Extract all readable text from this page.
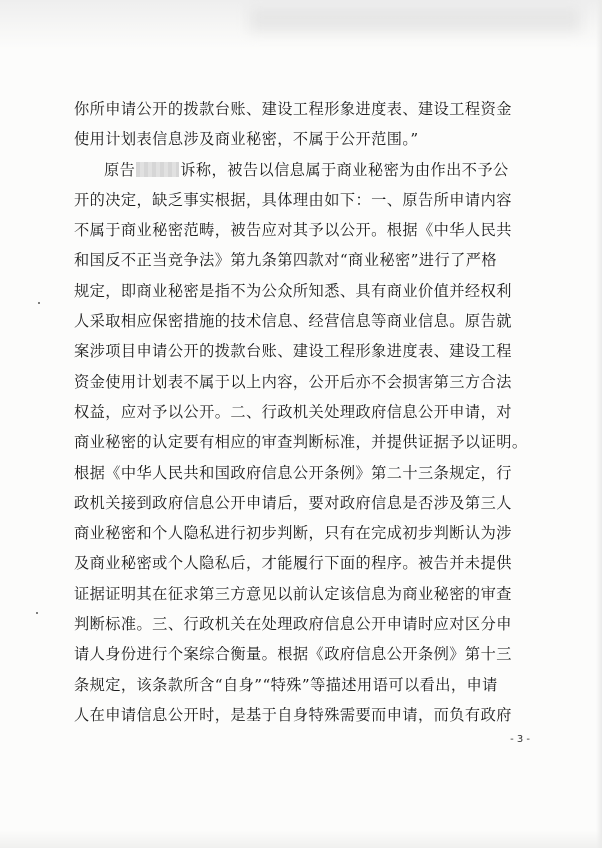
你所申请公开的拨款台账、建设工程形象进度表、建设工程资金
使用计划表信息涉及商业秘密，不属于公开范围。”
原告	诉称，被告以信息属于商业秘密为由作出不予公
开的决定，缺乏事实根据，具体理由如下：一、原告所申请内容
不属于商业秘密范畴，被告应对其予以公开。根据《中华人民共
和国反不正当竞争法》第九条第四款对“商业秘密”进行了严格
规定，即商业秘密是指不为公众所知悉、具有商业价值并经权利
人采取相应保密措施的技术信息、经营信息等商业信息。原告就
案涉项目申请公开的拨款台账、建设工程形象进度表、建设工程
资金使用计划表不属于以上内容，公开后亦不会损害第三方合法
权益，应对予以公开。二、行政机关处理政府信息公开申请，对
商业秘密的认定要有相应的审查判断标准，并提供证据予以证明。
根据《中华人民共和国政府信息公开条例》第二十三条规定，行
政机关接到政府信息公开申请后，要对政府信息是否涉及第三人
商业秘密和个人隐私进行初步判断，只有在完成初步判断认为涉
及商业秘密或个人隐私后，才能履行下面的程序。被告并未提供
证据证明其在征求第三方意见以前认定该信息为商业秘密的审查
判断标准。三、行政机关在处理政府信息公开申请时应对区分申
请人身份进行个案综合衡量。根据《政府信息公开条例》第十三
条规定，该条款所含“自身”“特殊”等描述用语可以看出，申请
人在申请信息公开时，是基于自身特殊需要而申请，而负有政府
- 3 -
